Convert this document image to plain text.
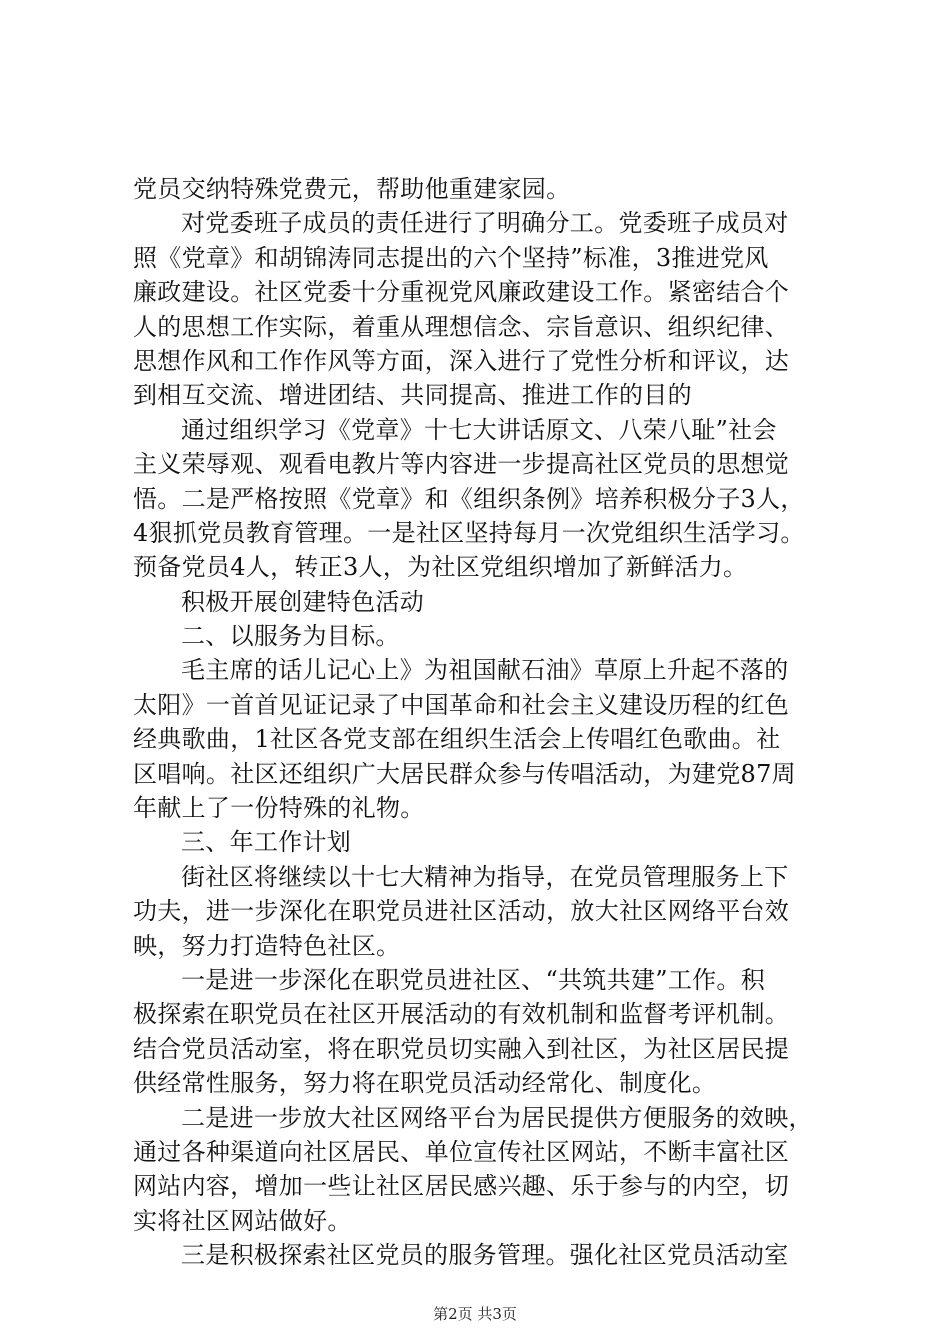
党员交纳特殊党费元，帮助他重建家园。
对党委班子成员的责任进行了明确分工。党委班子成员对
照《党章》和胡锦涛同志提出的六个坚持”标准，3推进党风
廉政建设。社区党委十分重视党风廉政建设工作。紧密结合个
人的思想工作实际，着重从理想信念、宗旨意识、组织纪律、
思想作风和工作作风等方面，深入进行了党性分析和评议，达
到相互交流、增进团结、共同提高、推进工作的目的
通过组织学习《党章》十七大讲话原文、八荣八耻”社会
主义荣辱观、观看电教片等内容进一步提高社区党员的思想觉
悟。二是严格按照《党章》和《组织条例》培养积极分子3人，
4狠抓党员教育管理。一是社区坚持每月一次党组织生活学习。
预备党员4人，转正3人，为社区党组织增加了新鲜活力。
积极开展创建特色活动
二、以服务为目标。
毛主席的话儿记心上》为祖国献石油》草原上升起不落的
太阳》一首首见证记录了中国革命和社会主义建设历程的红色
经典歌曲，1社区各党支部在组织生活会上传唱红色歌曲。社
区唱响。社区还组织广大居民群众参与传唱活动，为建党87周
年献上了一份特殊的礼物。
三、年工作计划
街社区将继续以十七大精神为指导，在党员管理服务上下
功夫，进一步深化在职党员进社区活动，放大社区网络平台效
映，努力打造特色社区。
一是进一步深化在职党员进社区、“共筑共建”工作。积
极探索在职党员在社区开展活动的有效机制和监督考评机制。
结合党员活动室，将在职党员切实融入到社区，为社区居民提
供经常性服务，努力将在职党员活动经常化、制度化。
二是进一步放大社区网络平台为居民提供方便服务的效映，
通过各种渠道向社区居民、单位宣传社区网站，不断丰富社区
网站内容，增加一些让社区居民感兴趣、乐于参与的内空，切
实将社区网站做好。
三是积极探索社区党员的服务管理。强化社区党员活动室
第2页 共3页
